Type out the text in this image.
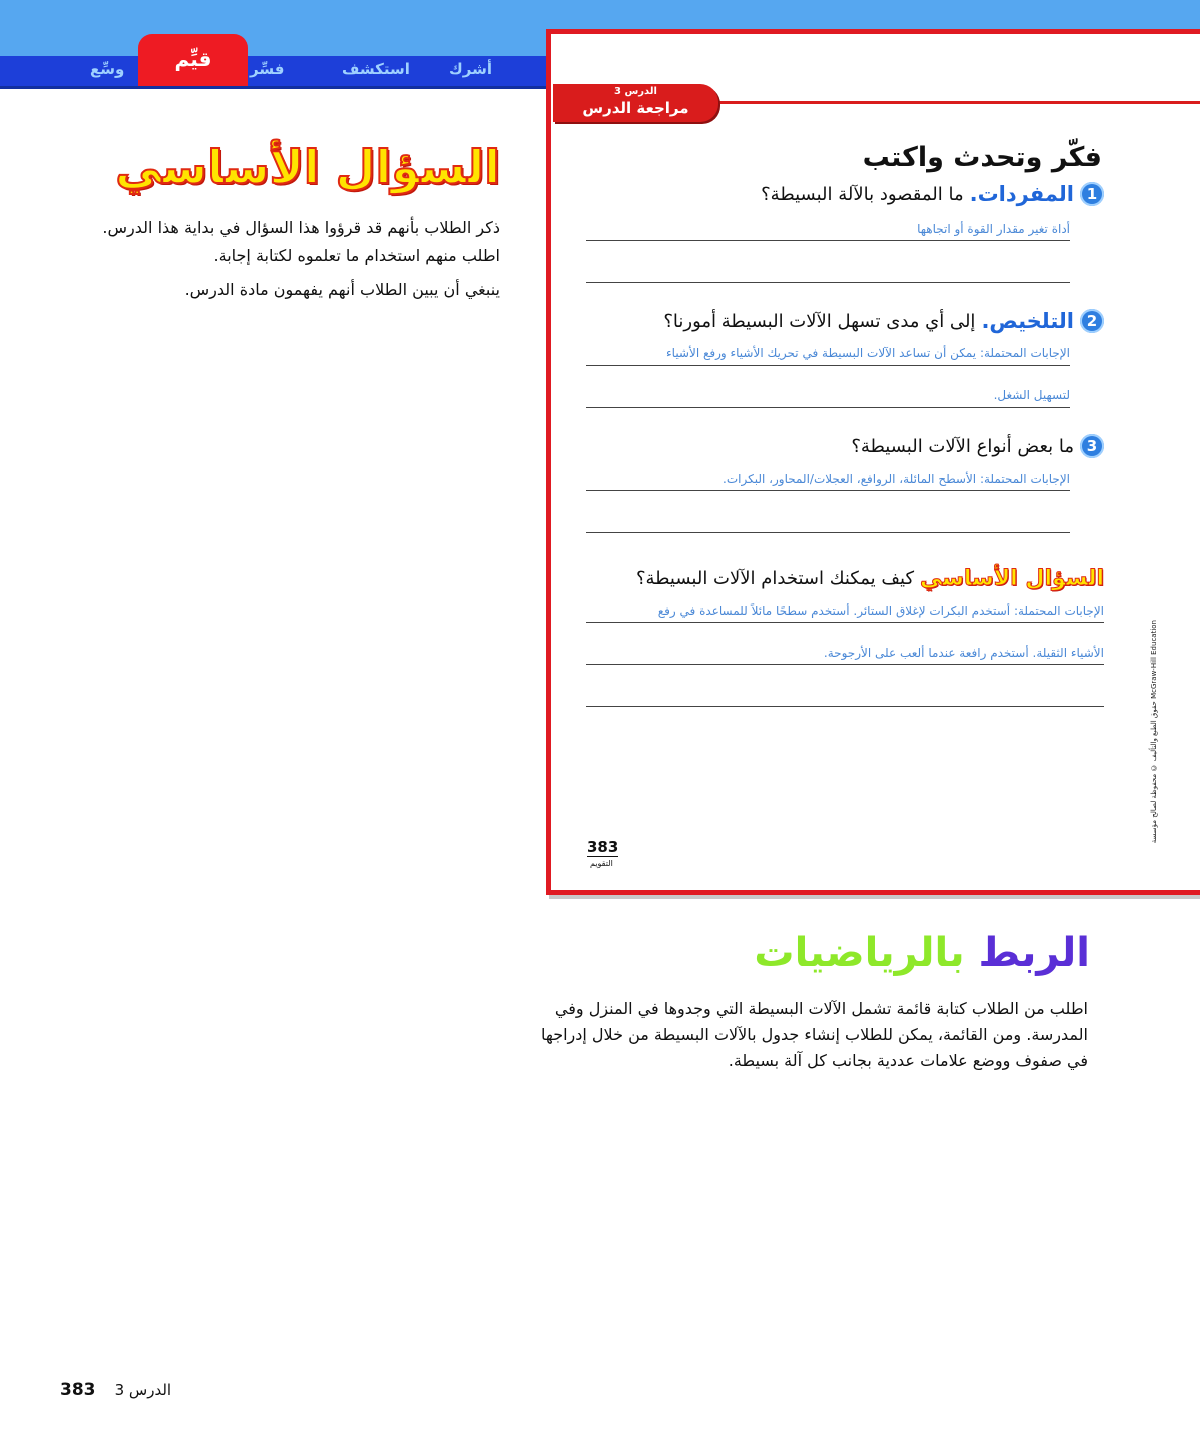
أشرك
استكشف
فسِّر
وسِّع	قيِّم
السؤال الأساسي
ذكر الطلاب بأنهم قد قرؤوا هذا السؤال في بداية هذا الدرس. اطلب منهم استخدام ما تعلموه لكتابة إجابة.
ينبغي أن يبين الطلاب أنهم يفهمون مادة الدرس.
الدرس 3
مراجعة الدرس
فكّر وتحدث واكتب
1
المفردات.
ما المقصود بالآلة البسيطة؟
أداة تغير مقدار القوة أو اتجاهها
2
التلخيص.
إلى أي مدى تسهل الآلات البسيطة أمورنا؟
الإجابات المحتملة: يمكن أن تساعد الآلات البسيطة في تحريك الأشياء ورفع الأشياء
لتسهيل الشغل.
3
ما بعض أنواع الآلات البسيطة؟
الإجابات المحتملة: الأسطح المائلة، الروافع، العجلات/المحاور، البكرات.
السؤال الأساسي
كيف يمكنك استخدام الآلات البسيطة؟
الإجابات المحتملة: أستخدم البكرات لإغلاق الستائر. أستخدم سطحًا مائلاً للمساعدة في رفع
الأشياء الثقيلة. أستخدم رافعة عندما ألعب على الأرجوحة.
383
التقويم
حقوق الطبع والتأليف © محفوظة لصالح مؤسسة McGraw-Hill Education
الربط بالرياضيات
اطلب من الطلاب كتابة قائمة تشمل الآلات البسيطة التي وجدوها في المنزل وفي المدرسة. ومن القائمة، يمكن للطلاب إنشاء جدول بالآلات البسيطة من خلال إدراجها في صفوف ووضع علامات عددية بجانب كل آلة بسيطة.
383 3 الدرس
